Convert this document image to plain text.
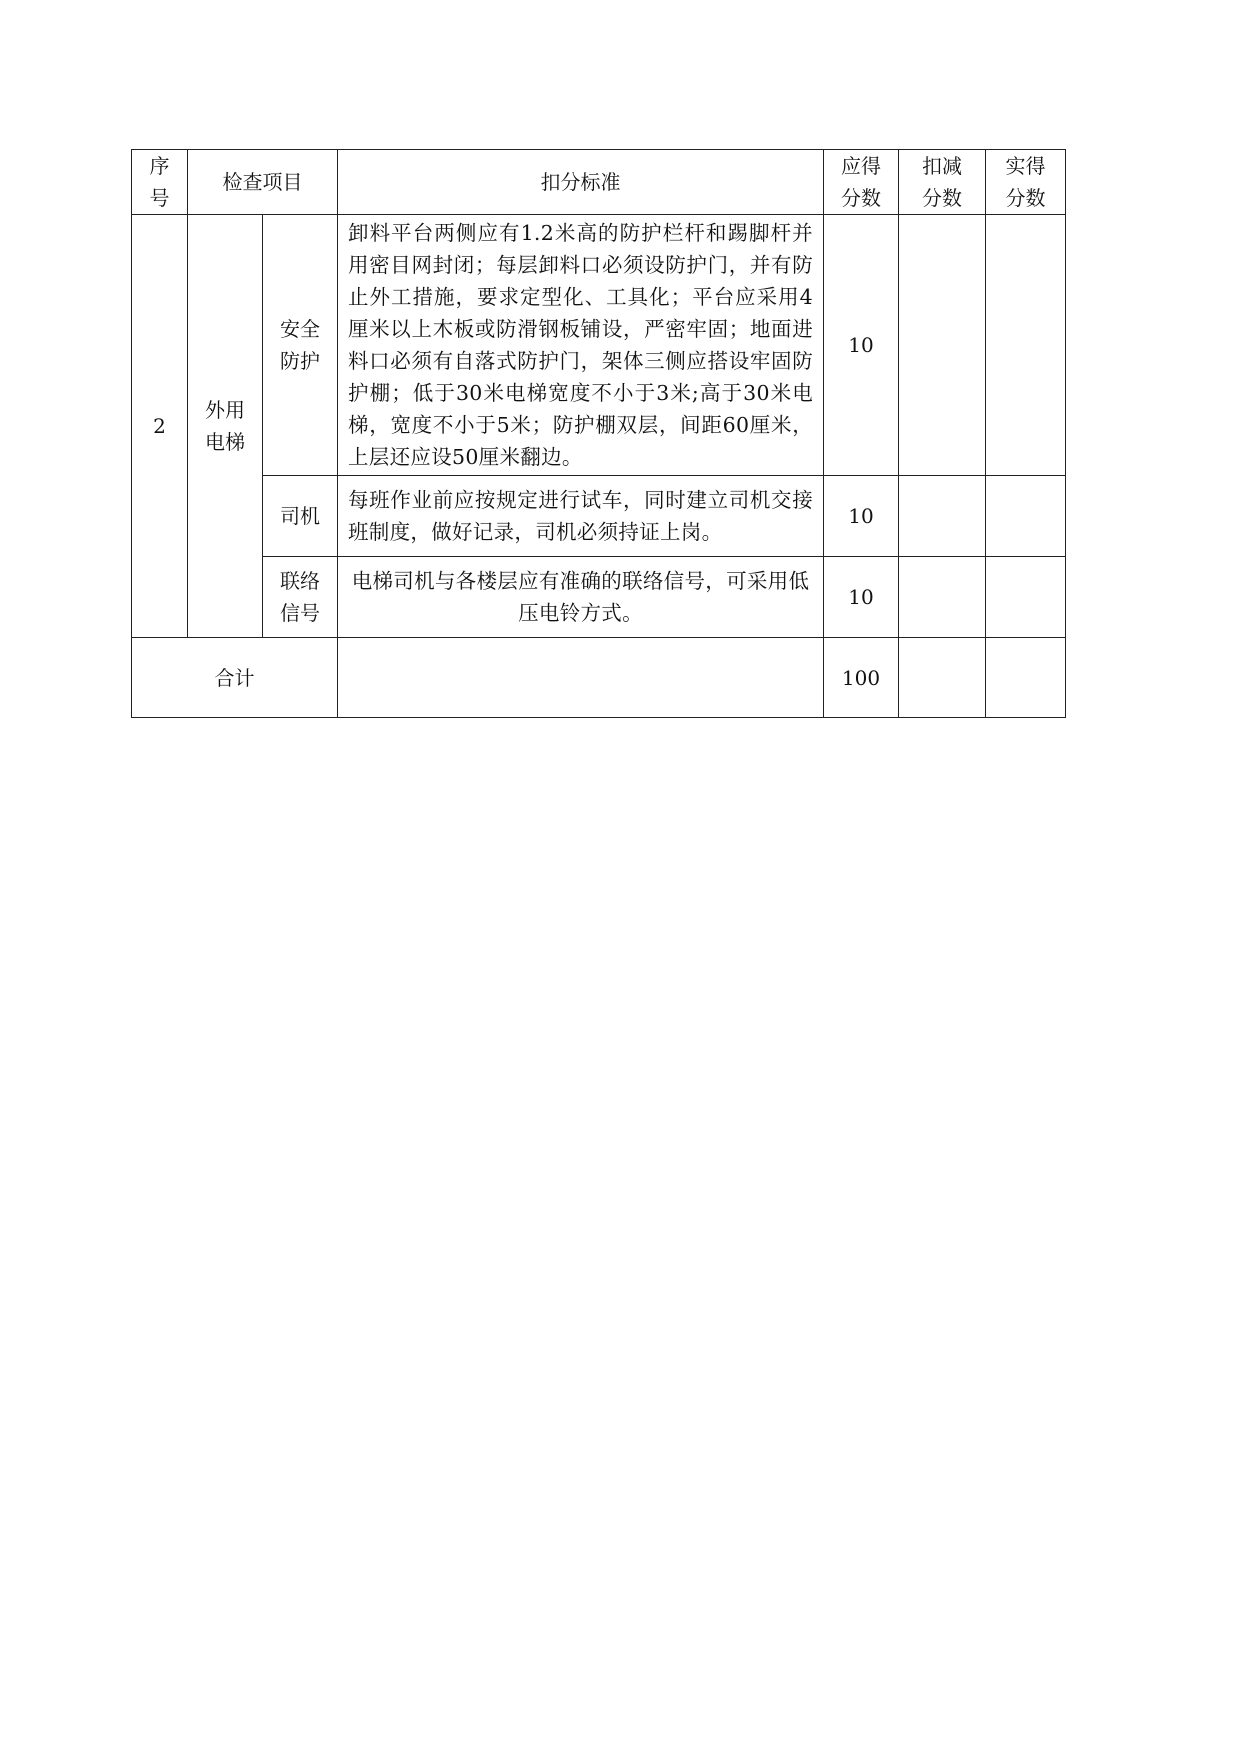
序号	检查项目		扣分标准	应得分数	扣减分数	实得分数
2	外用电梯	安全防护	卸料平台两侧应有1.2米高的防护栏杆和踢脚杆并用密目网封闭；每层卸料口必须设防护门，并有防止外工措施，要求定型化、工具化；平台应采用4厘米以上木板或防滑钢板铺设，严密牢固；地面进料口必须有自落式防护门，架体三侧应搭设牢固防护棚；低于30米电梯宽度不小于3米;高于30米电梯，宽度不小于5米；防护棚双层，间距60厘米，上层还应设50厘米翻边。	10		
		司机	每班作业前应按规定进行试车，同时建立司机交接班制度，做好记录，司机必须持证上岗。	10		
		联络信号	电梯司机与各楼层应有准确的联络信号，可采用低压电铃方式。	10		
合计				100		
